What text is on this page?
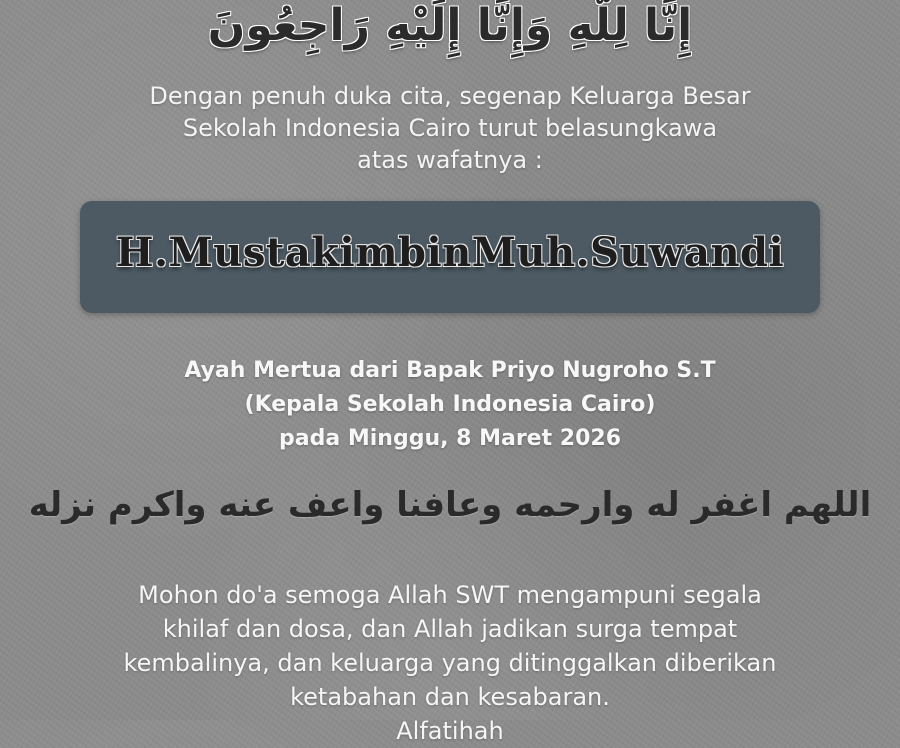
إِنَّا لِلَّهِ وَإِنَّا إِلَيْهِ رَاجِعُونَ
Dengan penuh duka cita, segenap Keluarga Besar
Sekolah Indonesia Cairo turut belasungkawa
atas wafatnya :
H.MustakimbinMuh.Suwandi
Ayah Mertua dari Bapak Priyo Nugroho S.T
(Kepala Sekolah Indonesia Cairo)
pada Minggu, 8 Maret 2026
اللهم اغفر له وارحمه وعافنا واعف عنه واكرم نزله
Mohon do'a semoga Allah SWT mengampuni segala
khilaf dan dosa, dan Allah jadikan surga tempat
kembalinya, dan keluarga yang ditinggalkan diberikan
ketabahan dan kesabaran.
Alfatihah
